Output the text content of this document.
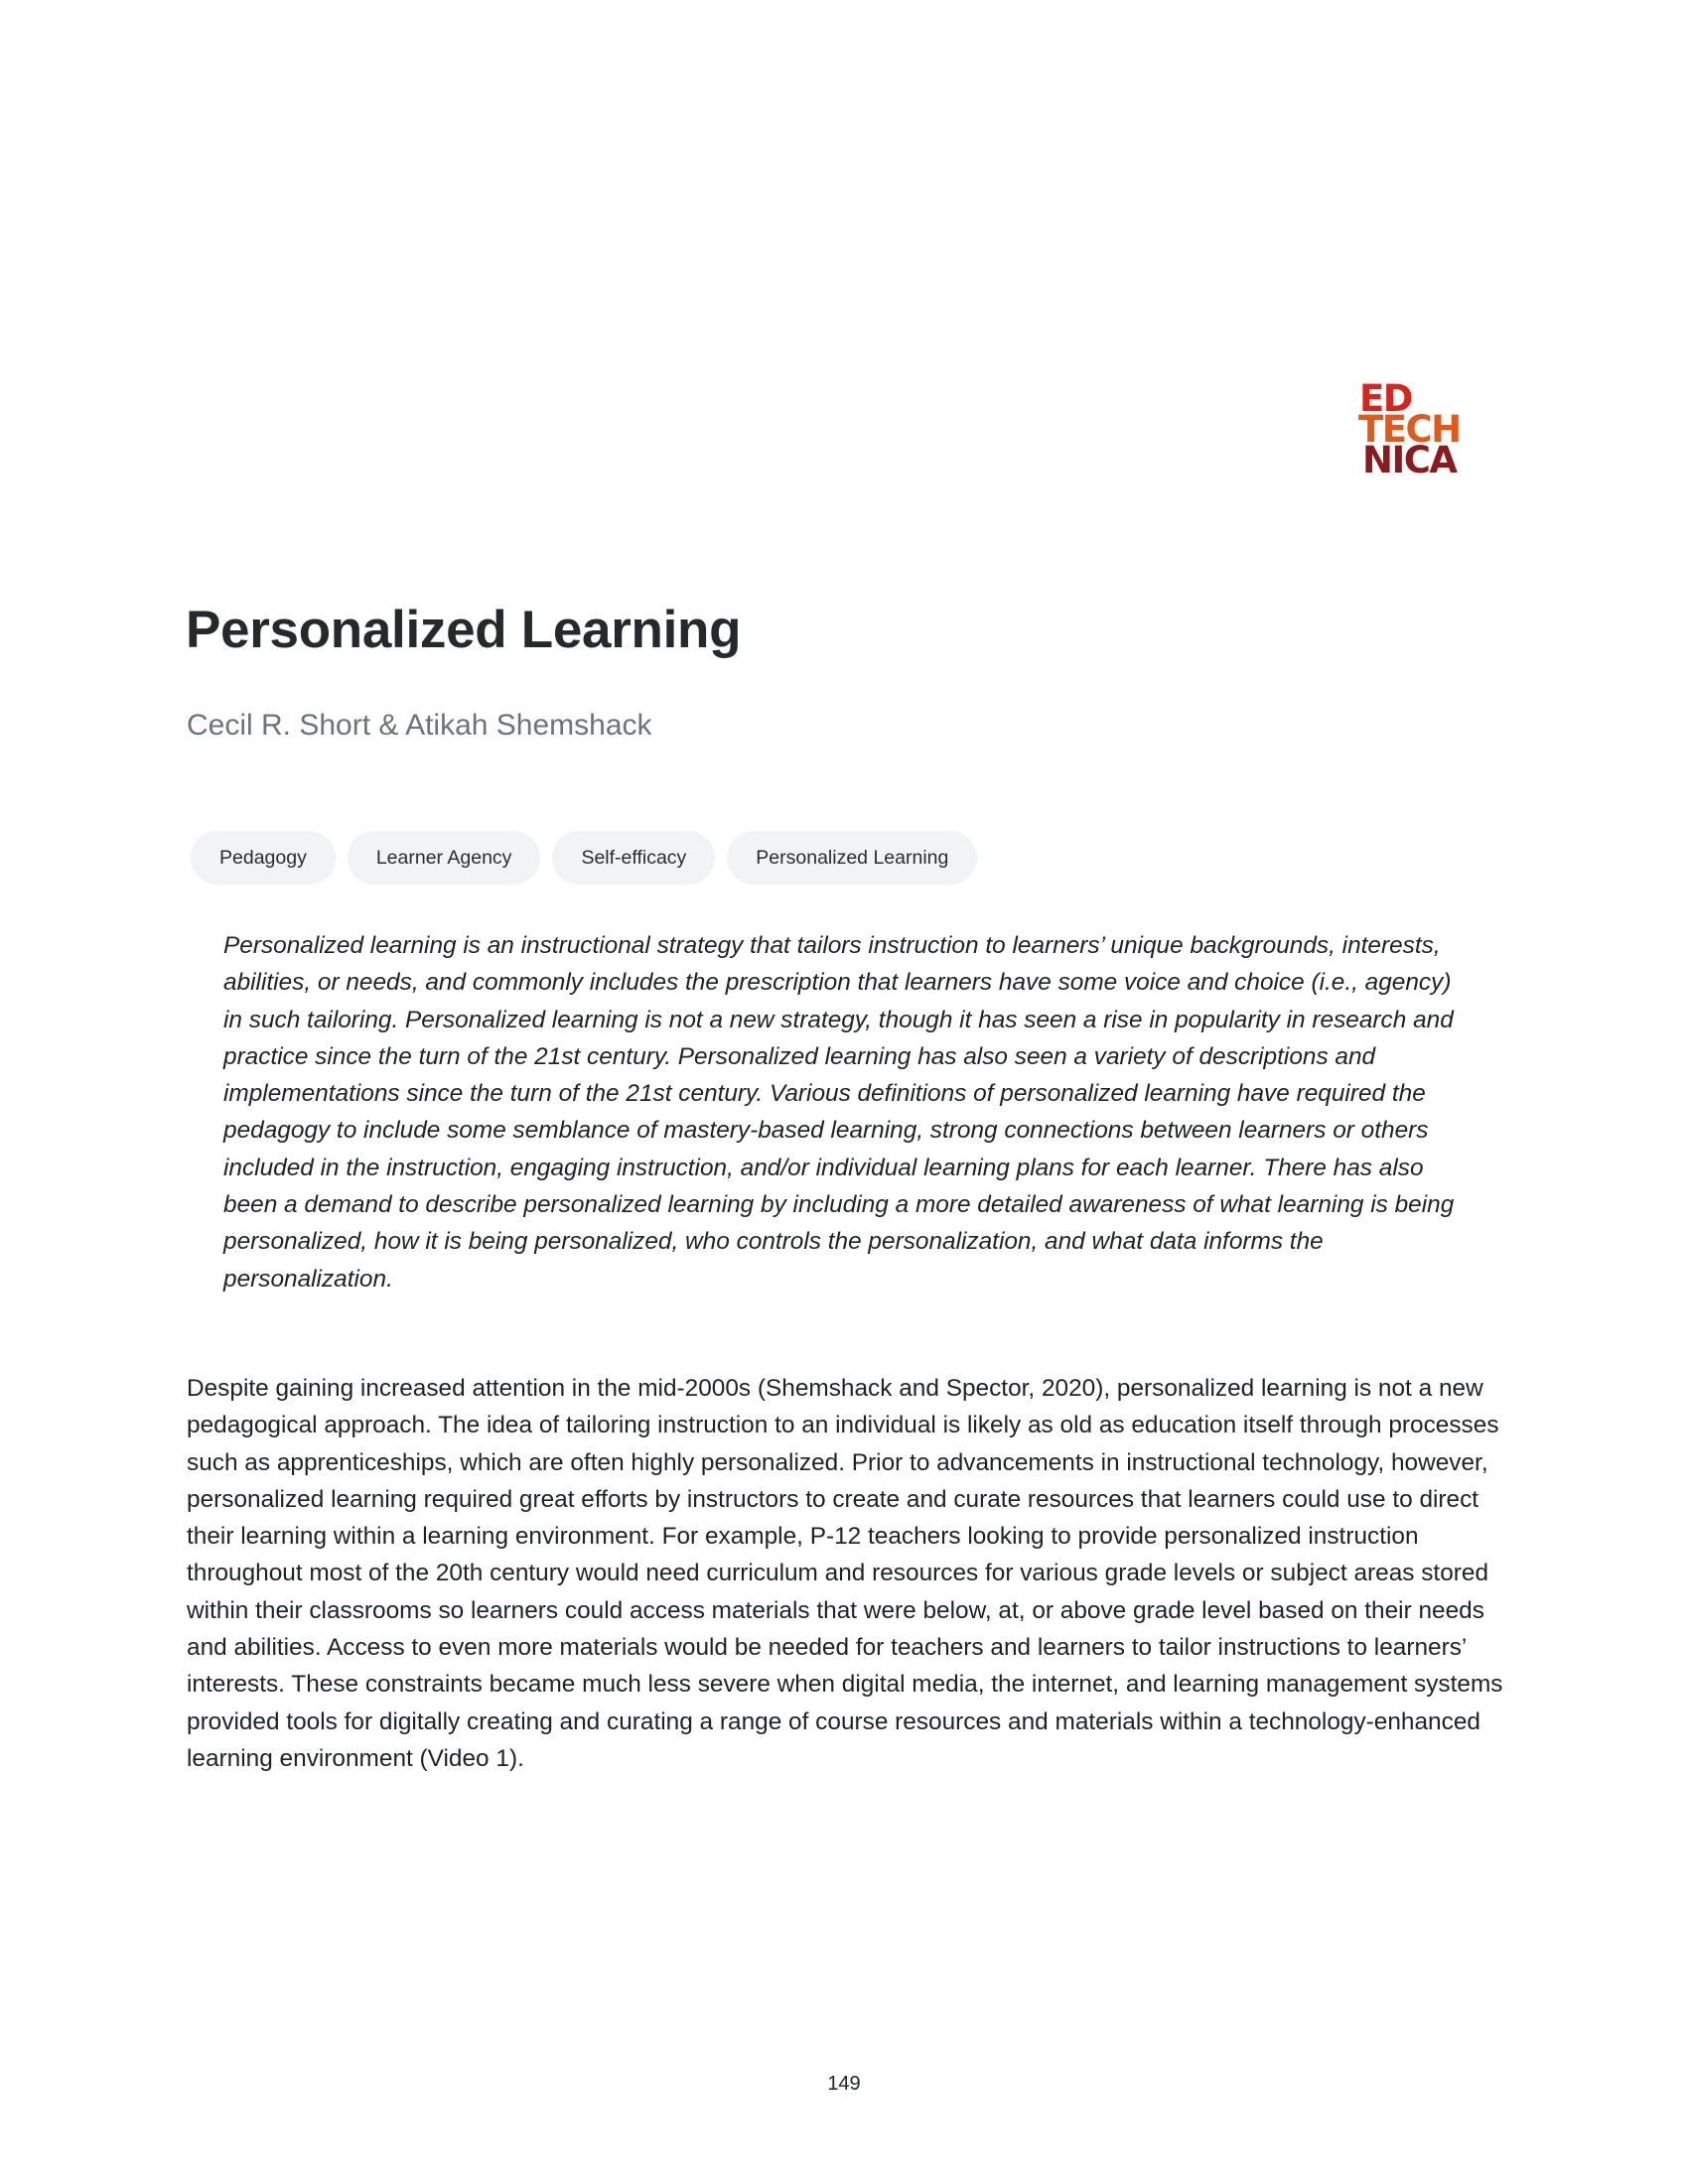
ED
TECH
NICA
Personalized Learning
Cecil R. Short & Atikah Shemshack
Pedagogy	Learner Agency	Self-efficacy	Personalized Learning

Personalized learning is an instructional strategy that tailors instruction to learners’ unique backgrounds, interests, abilities, or needs, and commonly includes the prescription that learners have some voice and choice (i.e., agency) in such tailoring. Personalized learning is not a new strategy, though it has seen a rise in popularity in research and practice since the turn of the 21st century. Personalized learning has also seen a variety of descriptions and implementations since the turn of the 21st century. Various definitions of personalized learning have required the pedagogy to include some semblance of mastery-based learning, strong connections between learners or others included in the instruction, engaging instruction, and/or individual learning plans for each learner. There has also been a demand to describe personalized learning by including a more detailed awareness of what learning is being personalized, how it is being personalized, who controls the personalization, and what data informs the personalization.

Despite gaining increased attention in the mid-2000s (Shemshack and Spector, 2020), personalized learning is not a new pedagogical approach. The idea of tailoring instruction to an individual is likely as old as education itself through processes such as apprenticeships, which are often highly personalized. Prior to advancements in instructional technology, however, personalized learning required great efforts by instructors to create and curate resources that learners could use to direct their learning within a learning environment. For example, P-12 teachers looking to provide personalized instruction throughout most of the 20th century would need curriculum and resources for various grade levels or subject areas stored within their classrooms so learners could access materials that were below, at, or above grade level based on their needs and abilities. Access to even more materials would be needed for teachers and learners to tailor instructions to learners’ interests. These constraints became much less severe when digital media, the internet, and learning management systems provided tools for digitally creating and curating a range of course resources and materials within a technology-enhanced learning environment (Video 1).

149
